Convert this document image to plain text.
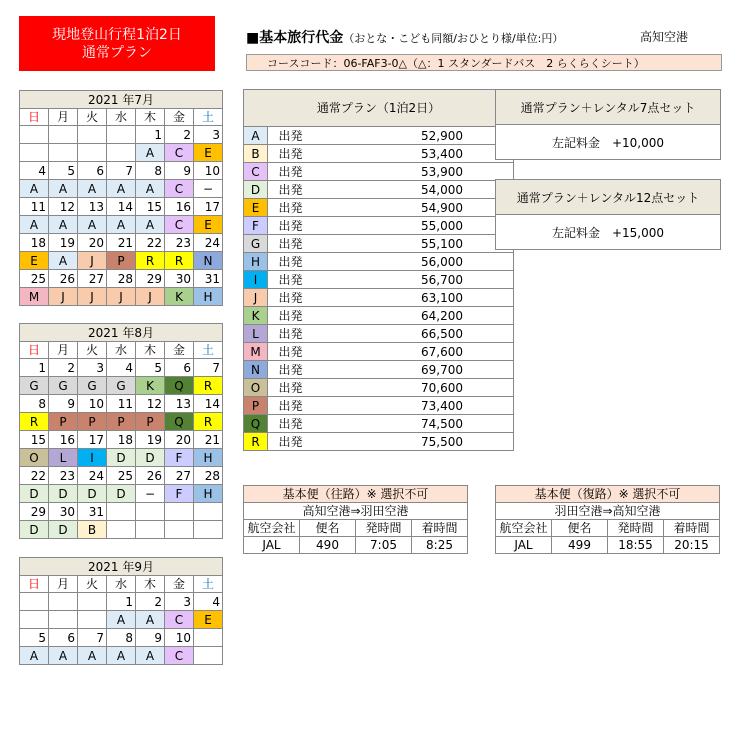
現地登山行程1泊2日
通常プラン
■基本旅行代金（おとな・こども同額/おひとり様/単位:円）	高知空港
コースコード：06-FAF3-0△（△：1 スタンダードバス　2 らくらくシート）
2021 年7月						
日	月	火	水	木	金	土
				1	2	3
				A	C	E
4	5	6	7	8	9	10
A	A	A	A	A	C	−
11	12	13	14	15	16	17
A	A	A	A	A	C	E
18	19	20	21	22	23	24
E	A	J	P	R	R	N
25	26	27	28	29	30	31
M	J	J	J	J	K	H
2021 年8月						
日	月	火	水	木	金	土
1	2	3	4	5	6	7
G	G	G	G	K	Q	R
8	9	10	11	12	13	14
R	P	P	P	P	Q	R
15	16	17	18	19	20	21
O	L	I	D	D	F	H
22	23	24	25	26	27	28
D	D	D	D	−	F	H
29	30	31				
D	D	B				
2021 年9月						
日	月	火	水	木	金	土
			1	2	3	4
			A	A	C	E
5	6	7	8	9	10	
A	A	A	A	A	C	
通常プラン（1泊2日）		
A	出発	52,900
B	出発	53,400
C	出発	53,900
D	出発	54,000
E	出発	54,900
F	出発	55,000
G	出発	55,100
H	出発	56,000
I	出発	56,700
J	出発	63,100
K	出発	64,200
L	出発	66,500
M	出発	67,600
N	出発	69,700
O	出発	70,600
P	出発	73,400
Q	出発	74,500
R	出発	75,500
通常プラン＋レンタル7点セット
左記料金　+10,000
通常プラン＋レンタル12点セット
左記料金　+15,000
基本便（往路）※ 選択不可			
高知空港⇒羽田空港			
航空会社	便名	発時間	着時間
JAL	490	7:05	8:25
基本便（復路）※ 選択不可			
羽田空港⇒高知空港			
航空会社	便名	発時間	着時間
JAL	499	18:55	20:15
